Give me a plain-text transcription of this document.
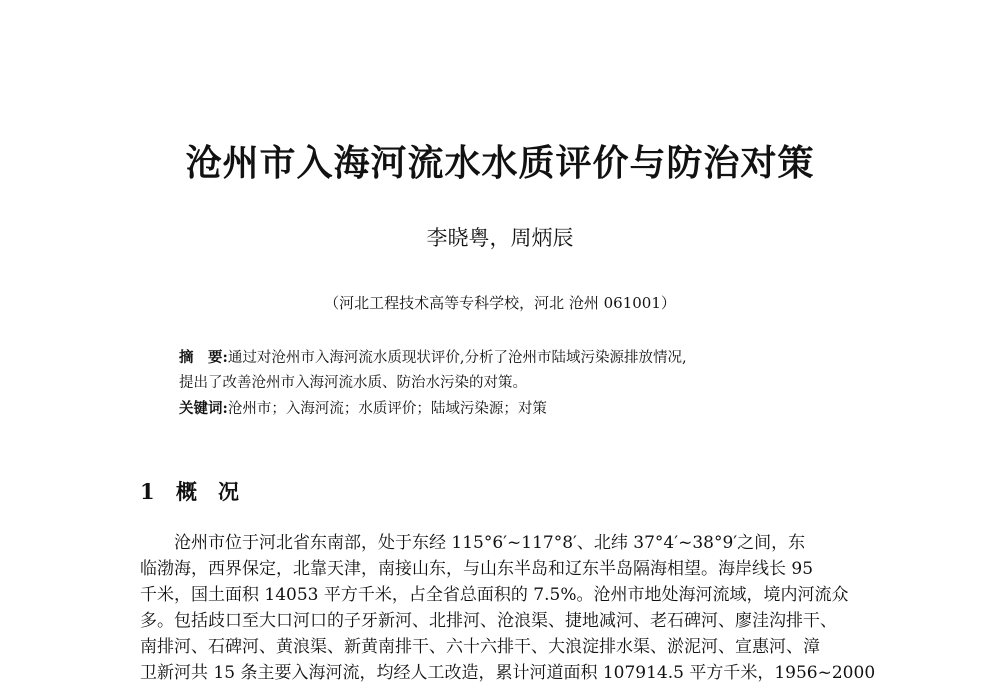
沧州市入海河流水水质评价与防治对策
李晓粤，周炳辰
（河北工程技术高等专科学校，河北 沧州 061001）
摘　要:通过对沧州市入海河流水质现状评价,分析了沧州市陆域污染源排放情况,
提出了改善沧州市入海河流水质、防治水污染的对策。
关键词:沧州市；入海河流；水质评价；陆域污染源；对策
1 概　况
　　沧州市位于河北省东南部，处于东经 115°6′~117°8′、北纬 37°4′~38°9′之间，东
临渤海，西界保定，北靠天津，南接山东，与山东半岛和辽东半岛隔海相望。海岸线长 95
千米，国土面积 14053 平方千米，占全省总面积的 7.5%。沧州市地处海河流域，境内河流众
多。包括歧口至大口河口的子牙新河、北排河、沧浪渠、捷地减河、老石碑河、廖洼沟排干、
南排河、石碑河、黄浪渠、新黄南排干、六十六排干、大浪淀排水渠、淤泥河、宣惠河、漳
卫新河共 15 条主要入海河流，均经人工改造，累计河道面积 107914.5 平方千米，1956~2000
